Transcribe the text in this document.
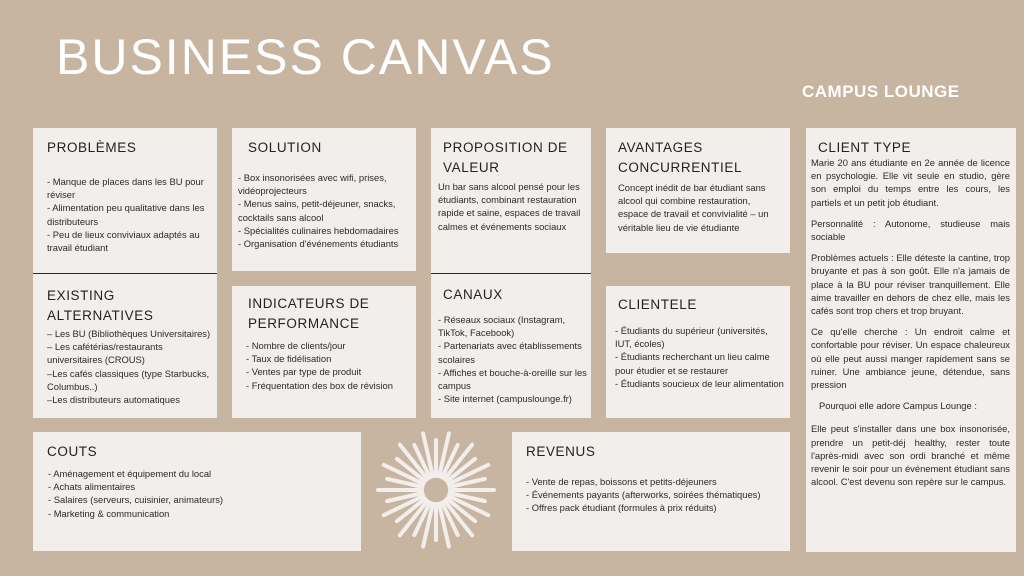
BUSINESS CANVAS
CAMPUS LOUNGE
PROBLÈMES
- Manque de places dans les BU pour réviser
- Alimentation peu qualitative dans les distributeurs
- Peu de lieux conviviaux adaptés au travail étudiant
EXISTING
ALTERNATIVES
– Les BU (Bibliothèques Universitaires)
– Les cafétérias/restaurants universitaires (CROUS)
–Les cafés classiques (type Starbucks, Columbus..)
–Les distributeurs automatiques
SOLUTION
- Box insonorisées avec wifi, prises, vidéoprojecteurs
- Menus sains, petit-déjeuner, snacks, cocktails sans alcool
- Spécialités culinaires hebdomadaires
- Organisation d'événements étudiants
INDICATEURS DE
PERFORMANCE
- Nombre de clients/jour
- Taux de fidélisation
- Ventes par type de produit
- Fréquentation des box de révision
PROPOSITION DE
VALEUR

Un bar sans alcool pensé pour les étudiants, combinant restauration rapide et saine, espaces de travail calmes et événements sociaux

CANAUX
- Réseaux sociaux (Instagram, TikTok, Facebook)
- Partenariats avec établissements scolaires
- Affiches et bouche-à-oreille sur les campus
- Site internet (campuslounge.fr)
AVANTAGES
CONCURRENTIEL

Concept inédit de bar étudiant sans alcool qui combine restauration, espace de travail et convivialité – un véritable lieu de vie étudiante

CLIENTELE
- Étudiants du supérieur (universités, IUT, écoles)
- Étudiants recherchant un lieu calme pour étudier et se restaurer
- Étudiants soucieux de leur alimentation
CLIENT TYPE

Marie 20 ans étudiante en 2e année de licence en psychologie. Elle vit seule en studio, gère son emploi du temps entre les cours, les partiels et un petit job étudiant.

Personnalité : Autonome, studieuse mais sociable

Problèmes actuels : Elle déteste la cantine, trop bruyante et pas à son goût. Elle n'a jamais de place à la BU pour réviser tranquillement. Elle aime travailler en dehors de chez elle, mais les cafés sont trop chers et trop bruyant.

Ce qu'elle cherche : Un endroit calme et confortable pour réviser. Un espace chaleureux où elle peut aussi manger rapidement sans se ruiner. Une ambiance jeune, détendue, sans pression

Pourquoi elle adore Campus Lounge :

Elle peut s'installer dans une box insonorisée, prendre un petit-déj healthy, rester toute l'après-midi avec son ordi branché et même revenir le soir pour un événement étudiant sans alcool. C'est devenu son repère sur le campus.

COUTS
- Aménagement et équipement du local
- Achats alimentaires
- Salaires (serveurs, cuisinier, animateurs)
- Marketing & communication
REVENUS
- Vente de repas, boissons et petits-déjeuners
- Événements payants (afterworks, soirées thématiques)
- Offres pack étudiant (formules à prix réduits)
